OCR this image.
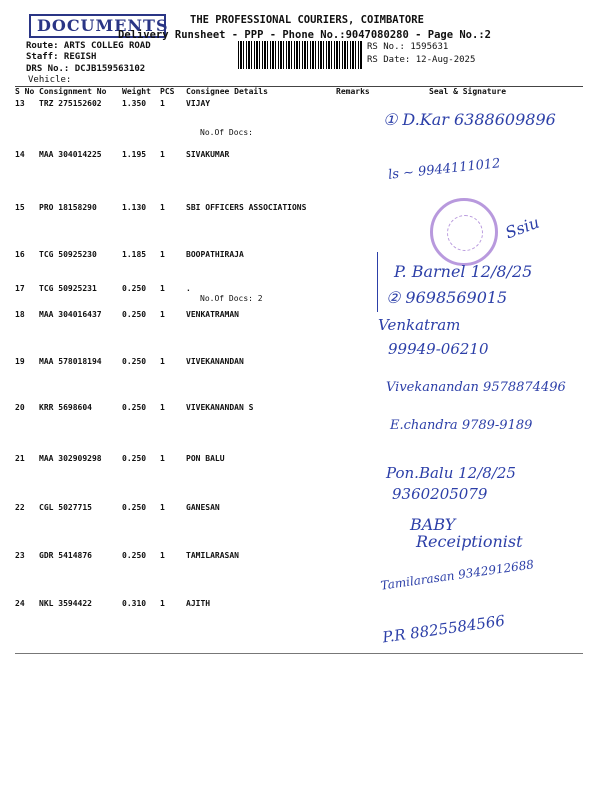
DOCUMENTS THE PROFESSIONAL COURIERS, COIMBATORE
Delivery Runsheet - PPP - Phone No.:9047080280 - Page No.:2
Route: ARTS COLLEG ROAD
Staff: REGISH
DRS No.: DCJB159563102
Vehicle:
RS No.: 1595631
RS Date: 12-Aug-2025
S No	Consignment No	Weight	PCS	Consignee Details	Remarks	Seal & Signature
13	TRZ 275152602	1.350	1	VIJAY
No.Of Docs:		

14	MAA 304014225	1.195	1	SIVAKUMAR		
15	PRO 18158290	1.130	1	SBI OFFICERS ASSOCIATIONS		
16	TCG 50925230	1.185	1	BOOPATHIRAJA		
17	TCG 50925231	0.250	1	.
No.Of Docs: 2		

18	MAA 304016437	0.250	1	VENKATRAMAN		
19	MAA 578018194	0.250	1	VIVEKANANDAN		
20	KRR 5698604	0.250	1	VIVEKANANDAN S		
21	MAA 302909298	0.250	1	PON BALU		
22	CGL 5027715	0.250	1	GANESAN		
23	GDR 5414876	0.250	1	TAMILARASAN		
24	NKL 3594422	0.310	1	AJITH		
① D.Kar 6388609896
ls ~ 9944111012
Ssiu
P. Barnel 12/8/25
② 9698569015
Venkatram
99949-06210
Vivekanandan 9578874496
E.chandra 9789-9189
Pon.Balu 12/8/25
9360205079
BABY
Receiptionist
Tamilarasan 9342912688
P.R 8825584566
